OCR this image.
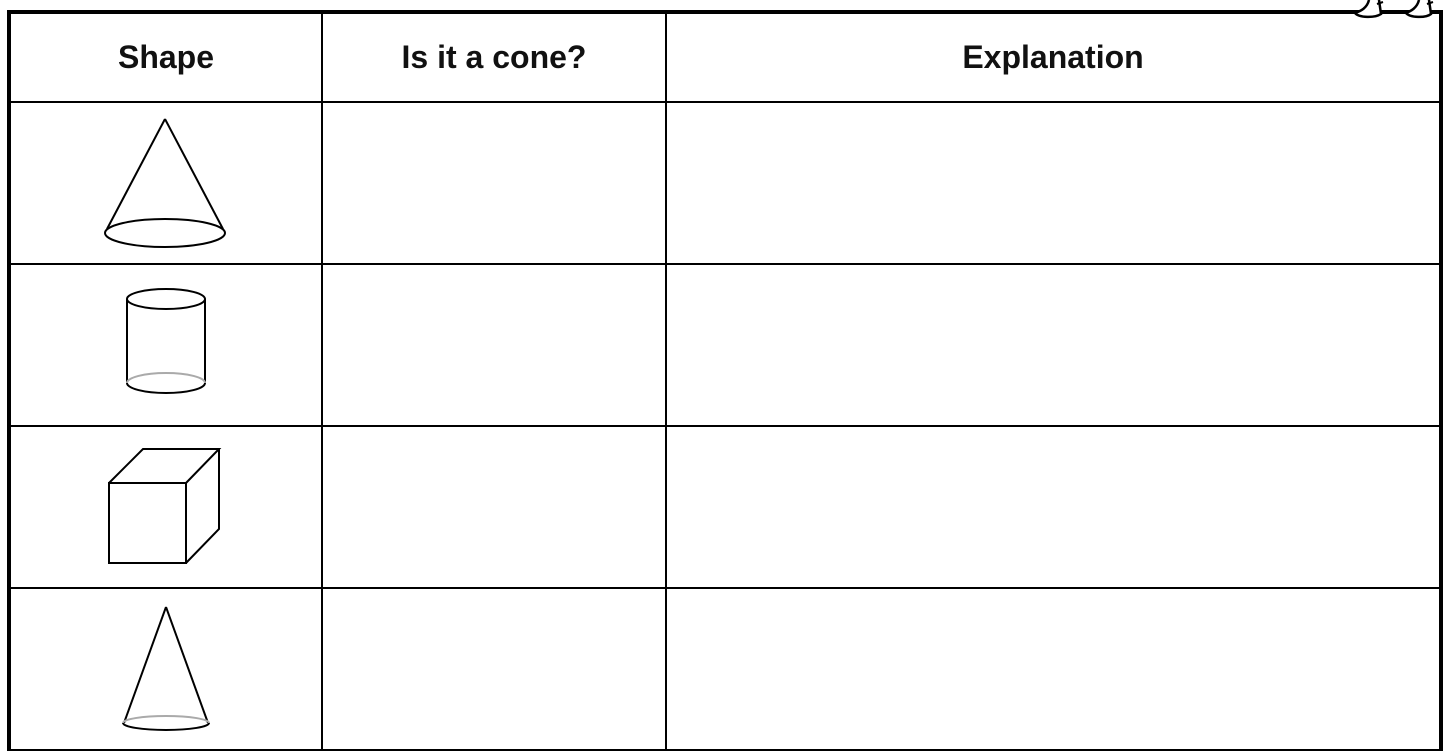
Shape	Is it a cone?	Explanation
